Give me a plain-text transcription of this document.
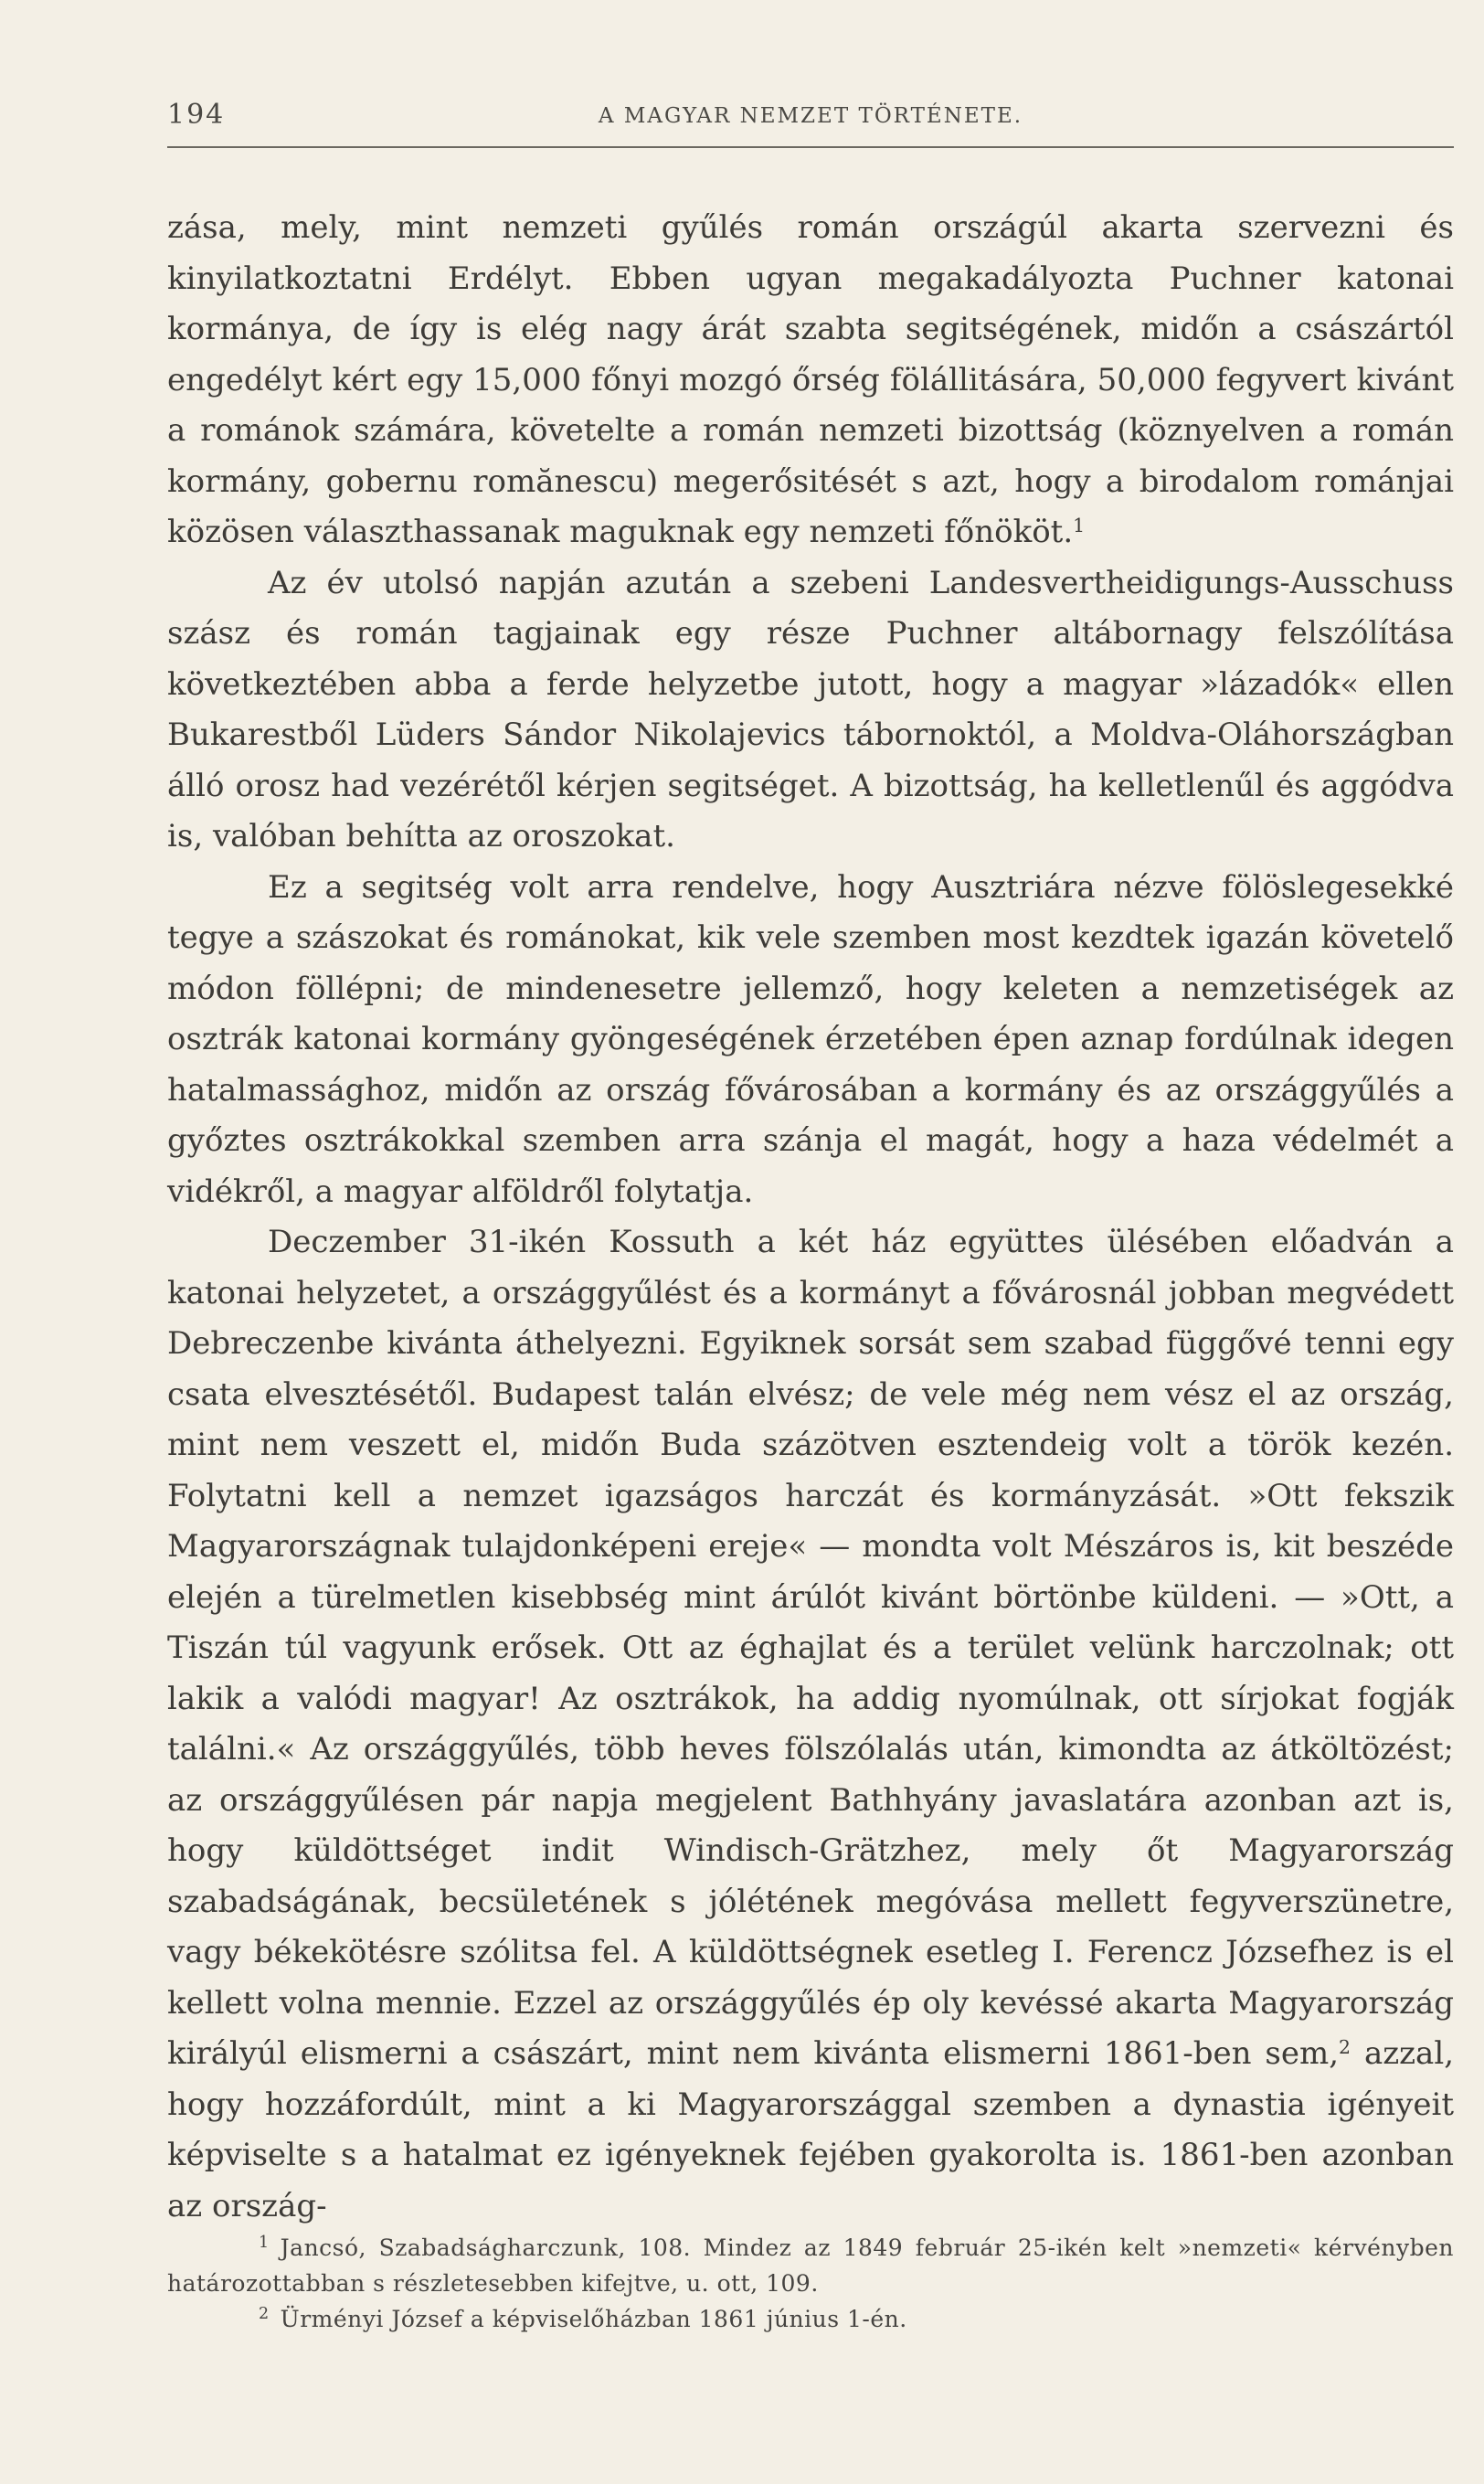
194	A MAGYAR NEMZET TÖRTÉNETE.

zása, mely, mint nemzeti gyűlés román országúl akarta szervezni és kinyilatkoztatni Erdélyt. Ebben ugyan megakadályozta Puchner katonai kormánya, de így is elég nagy árát szabta segitségének, midőn a császártól engedélyt kért egy 15,000 főnyi mozgó őrség fölállitására, 50,000 fegyvert kivánt a románok számára, követelte a román nemzeti bizottság (köznyelven a román kormány, gobernu romănescu) megerősitését s azt, hogy a birodalom románjai közösen választhassanak maguknak egy nemzeti főnököt.$^1$

Az év utolsó napján azután a szebeni Landesvertheidigungs-Ausschuss szász és román tagjainak egy része Puchner altábornagy felszólítása következtében abba a ferde helyzetbe jutott, hogy a magyar »lázadók« ellen Bukarestből Lüders Sándor Nikolajevics tábornoktól, a Moldva-Oláhországban álló orosz had vezérétől kérjen segitséget. A bizottság, ha kelletlenűl és aggódva is, valóban behítta az oroszokat.

Ez a segitség volt arra rendelve, hogy Ausztriára nézve fölöslegesekké tegye a szászokat és románokat, kik vele szemben most kezdtek igazán követelő módon föllépni; de mindenesetre jellemző, hogy keleten a nemzetiségek az osztrák katonai kormány gyöngeségének érzetében épen aznap fordúlnak idegen hatalmassághoz, midőn az ország fővárosában a kormány és az országgyűlés a győztes osztrákokkal szemben arra szánja el magát, hogy a haza védelmét a vidékről, a magyar alföldről folytatja.

Deczember 31-ikén Kossuth a két ház együttes ülésében előadván a katonai helyzetet, a országgyűlést és a kormányt a fővárosnál jobban megvédett Debreczenbe kivánta áthelyezni. Egyiknek sorsát sem szabad függővé tenni egy csata elvesztésétől. Budapest talán elvész; de vele még nem vész el az ország, mint nem veszett el, midőn Buda százötven esztendeig volt a török kezén. Folytatni kell a nemzet igazságos harczát és kormányzását. »Ott fekszik Magyarországnak tulajdonképeni ereje« — mondta volt Mészáros is, kit beszéde elején a türelmetlen kisebbség mint árúlót kivánt börtönbe küldeni. — »Ott, a Tiszán túl vagyunk erősek. Ott az éghajlat és a terület velünk harczolnak; ott lakik a valódi magyar! Az osztrákok, ha addig nyomúlnak, ott sírjokat fogják találni.« Az országgyűlés, több heves fölszólalás után, kimondta az átköltözést; az országgyűlésen pár napja megjelent Bathhyány javaslatára azonban azt is, hogy küldöttséget indit Windisch-Grätzhez, mely őt Magyarország szabadságának, becsületének s jólétének megóvása mellett fegyverszünetre, vagy békekötésre szólitsa fel. A küldöttségnek esetleg I. Ferencz Józsefhez is el kellett volna mennie. Ezzel az országgyűlés ép oly kevéssé akarta Magyarország királyúl elismerni a császárt, mint nem kivánta elismerni 1861-ben sem,$^2$ azzal, hogy hozzáfordúlt, mint a ki Magyarországgal szemben a dynastia igényeit képviselte s a hatalmat ez igényeknek fejében gyakorolta is. 1861-ben azonban az ország-

$^1$ Jancsó, Szabadságharczunk, 108. Mindez az 1849 február 25-ikén kelt »nemzeti« kérvényben határozottabban s részletesebben kifejtve, u. ott, 109.

$^2$ Ürményi József a képviselőházban 1861 június 1-én.
